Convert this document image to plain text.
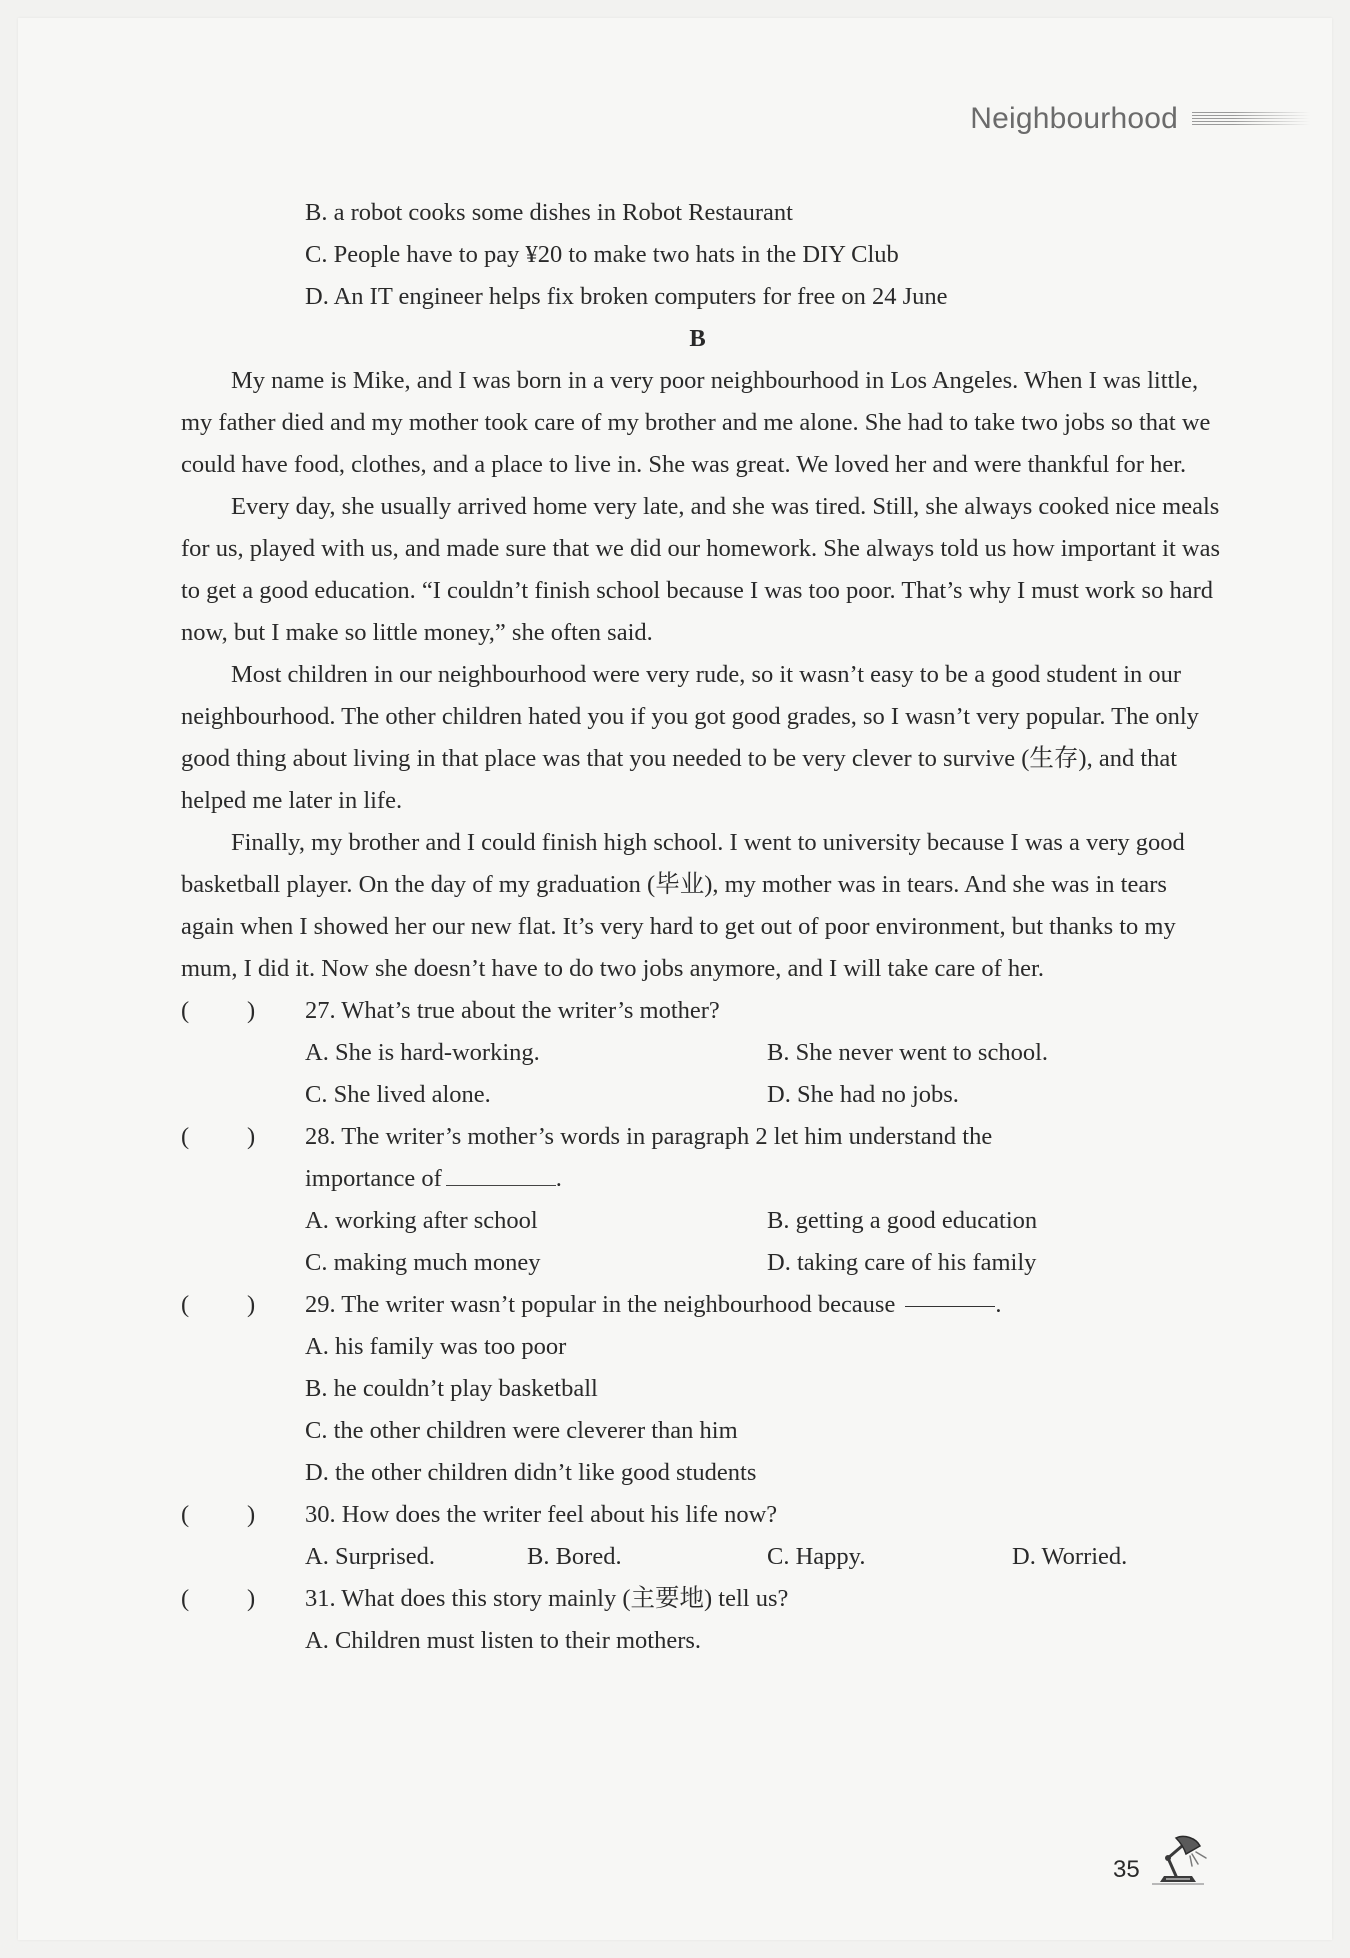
Neighbourhood
B. a robot cooks some dishes in Robot Restaurant
C. People have to pay ¥20 to make two hats in the DIY Club
D. An IT engineer helps fix broken computers for free on 24 June
B

My name is Mike, and I was born in a very poor neighbourhood in Los Angeles. When I was little, my father died and my mother took care of my brother and me alone. She had to take two jobs so that we could have food, clothes, and a place to live in. She was great. We loved her and were thankful for her.

Every day, she usually arrived home very late, and she was tired. Still, she always cooked nice meals for us, played with us, and made sure that we did our homework. She always told us how important it was to get a good education. “I couldn’t finish school because I was too poor. That’s why I must work so hard now, but I make so little money,” she often said.

Most children in our neighbourhood were very rude, so it wasn’t easy to be a good student in our neighbourhood. The other children hated you if you got good grades, so I wasn’t very popular. The only good thing about living in that place was that you needed to be very clever to survive (生存), and that helped me later in life.

Finally, my brother and I could finish high school. I went to university because I was a very good basketball player. On the day of my graduation (毕业), my mother was in tears. And she was in tears again when I showed her our new flat. It’s very hard to get out of poor environment, but thanks to my mum, I did it. Now she doesn’t have to do two jobs anymore, and I will take care of her.

( ) 27. What’s true about the writer’s mother?
A. She is hard-working.	B. She never went to school.
C. She lived alone.	D. She had no jobs.
( ) 28. The writer’s mother’s words in paragraph 2 let him understand the
importance of	.
A. working after school	B. getting a good education
C. making much money	D. taking care of his family
( ) 29. The writer wasn’t popular in the neighbourhood because	.
A. his family was too poor
B. he couldn’t play basketball
C. the other children were cleverer than him
D. the other children didn’t like good students
( ) 30. How does the writer feel about his life now?
A. Surprised.	B. Bored.	C. Happy.	D. Worried.
( ) 31. What does this story mainly (主要地) tell us?
A. Children must listen to their mothers.
35
